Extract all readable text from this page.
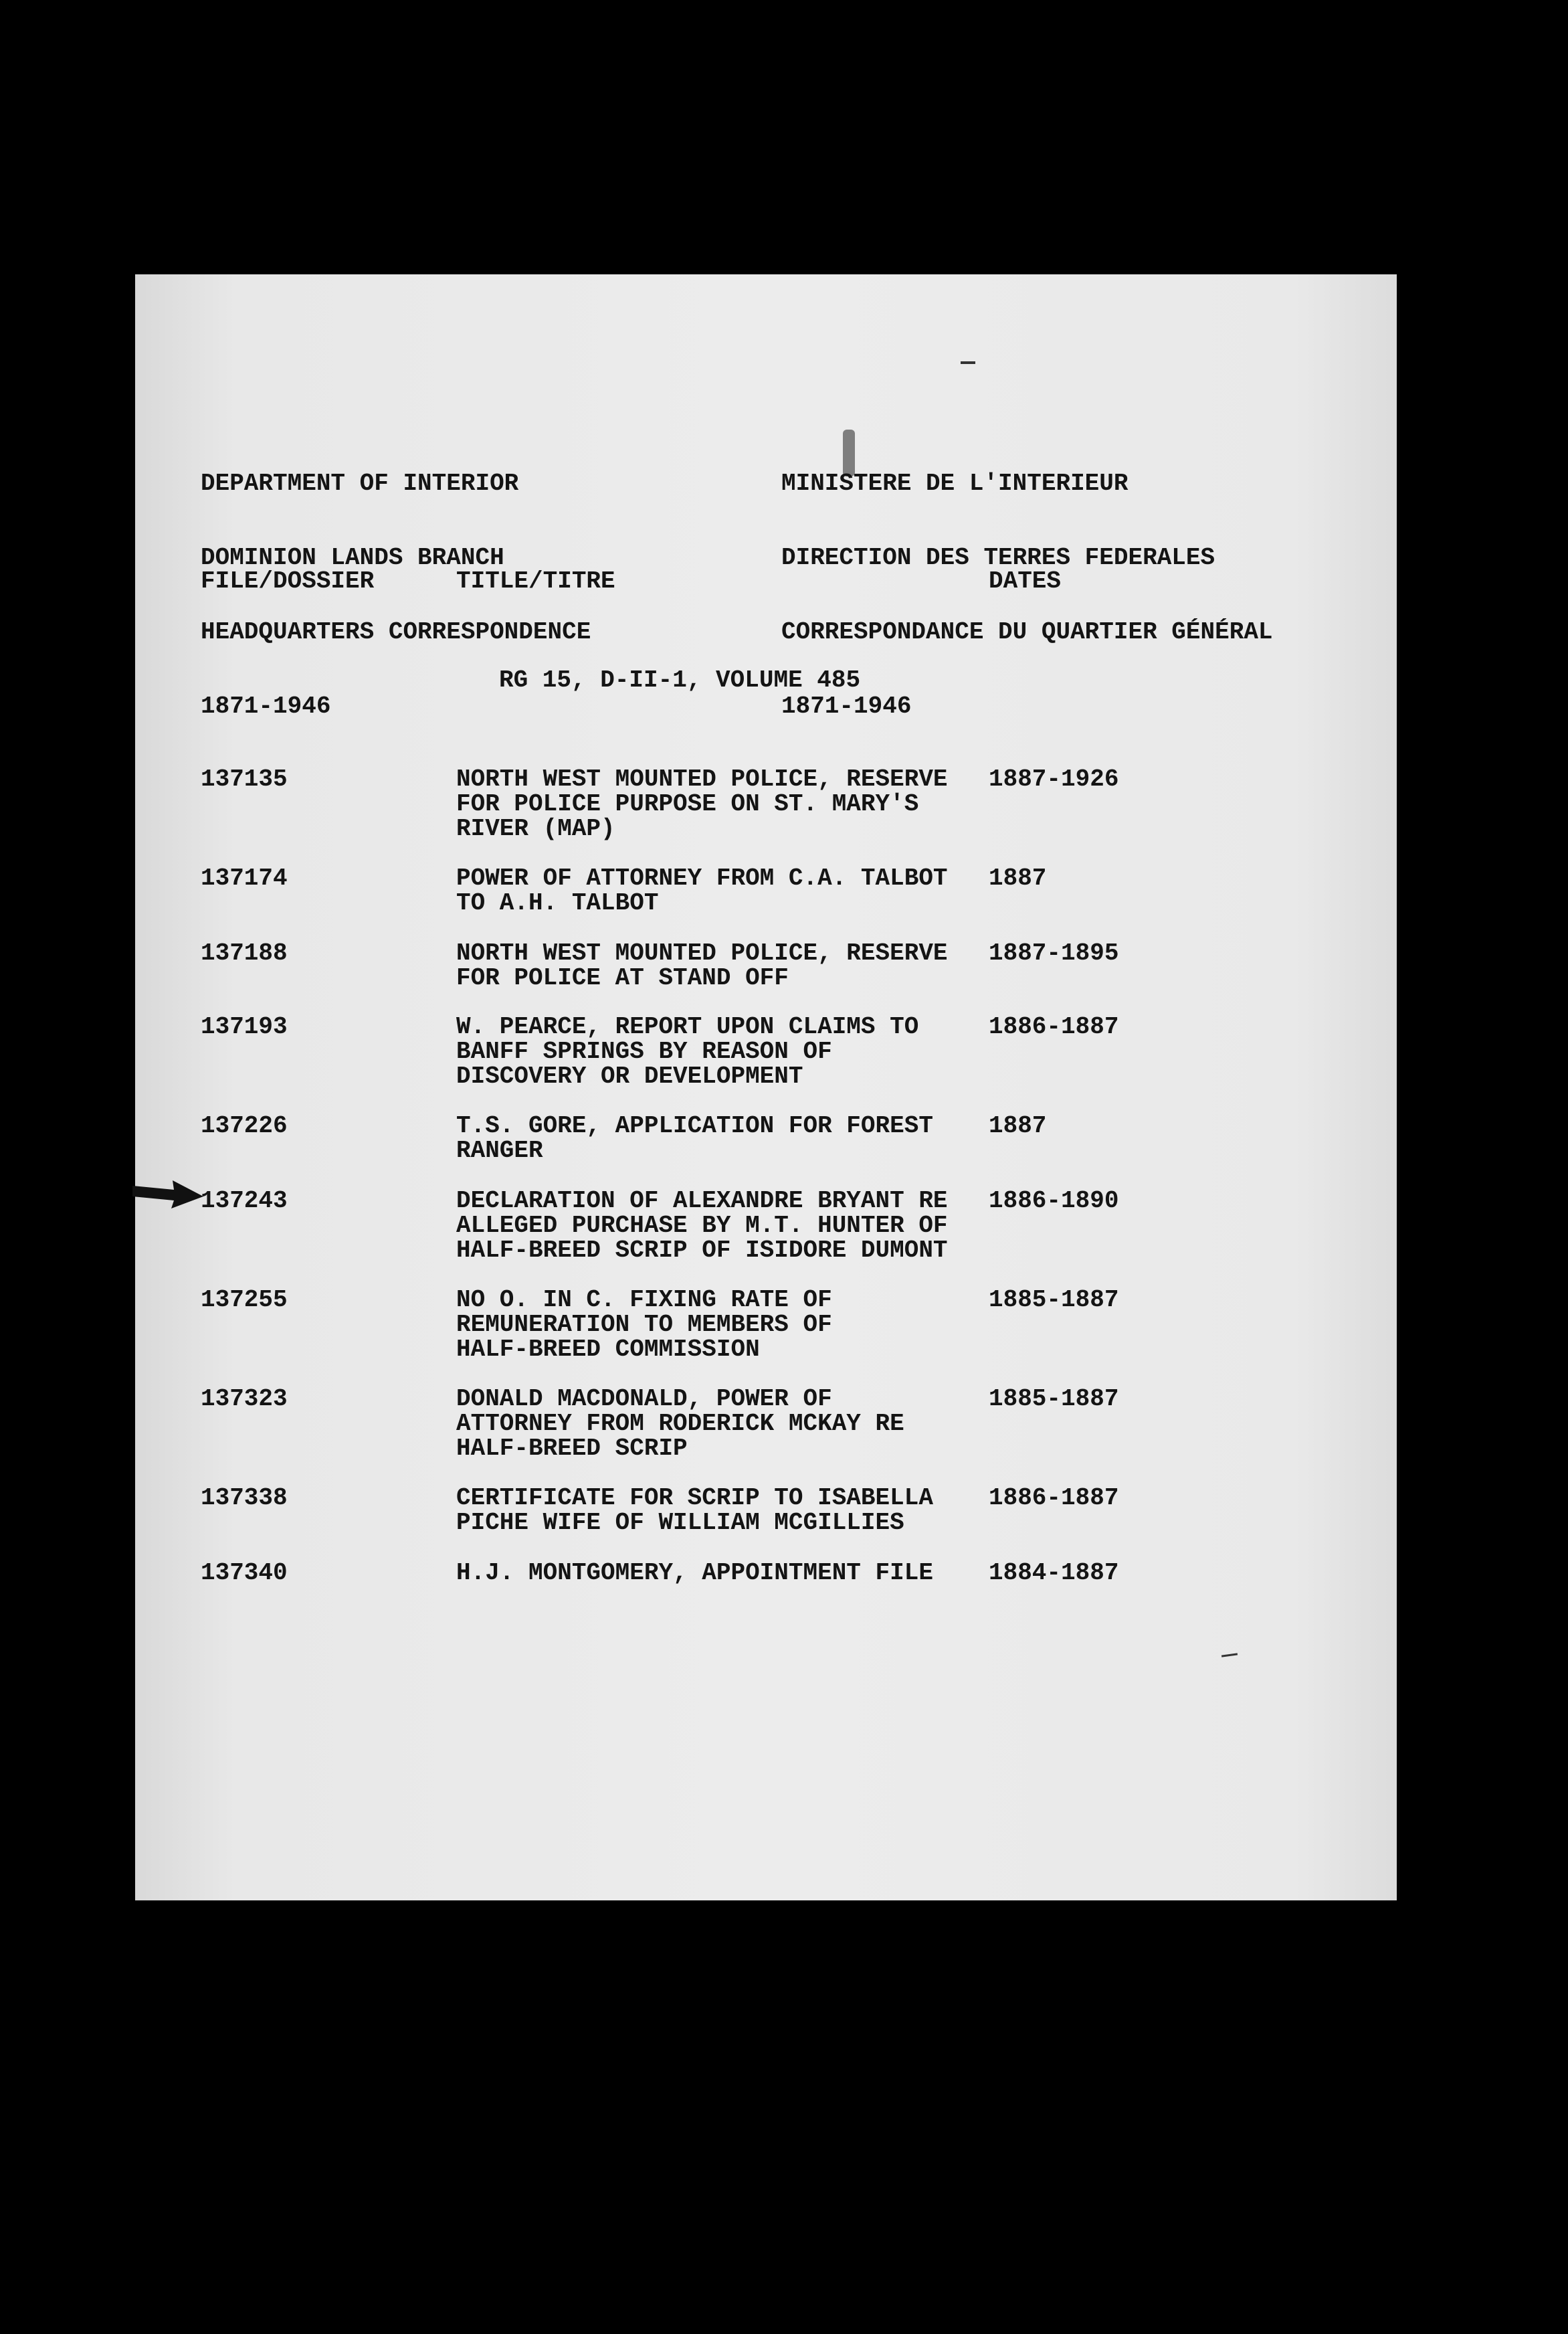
DEPARTMENT OF INTERIOR

DOMINION LANDS BRANCH

HEADQUARTERS CORRESPONDENCE

1871-1946

MINISTERE DE L'INTERIEUR

DIRECTION DES TERRES FEDERALES

CORRESPONDANCE DU QUARTIER GÉNÉRAL

1871-1946

FILE/DOSSIER	TITLE/TITRE	DATES
RG 15, D-II-1, VOLUME 485
137135	NORTH WEST MOUNTED POLICE, RESERVE
FOR POLICE PURPOSE ON ST. MARY'S
RIVER (MAP)
1887-1926
137174	POWER OF ATTORNEY FROM C.A. TALBOT
TO A.H. TALBOT
1887
137188	NORTH WEST MOUNTED POLICE, RESERVE
FOR POLICE AT STAND OFF
1887-1895
137193	W. PEARCE, REPORT UPON CLAIMS TO
BANFF SPRINGS BY REASON OF
DISCOVERY OR DEVELOPMENT
1886-1887
137226	T.S. GORE, APPLICATION FOR FOREST
RANGER
1887
137243	DECLARATION OF ALEXANDRE BRYANT RE
ALLEGED PURCHASE BY M.T. HUNTER OF
HALF-BREED SCRIP OF ISIDORE DUMONT
1886-1890
137255	NO O. IN C. FIXING RATE OF
REMUNERATION TO MEMBERS OF
HALF-BREED COMMISSION
1885-1887
137323	DONALD MACDONALD, POWER OF
ATTORNEY FROM RODERICK MCKAY RE
HALF-BREED SCRIP
1885-1887
137338	CERTIFICATE FOR SCRIP TO ISABELLA
PICHE WIFE OF WILLIAM MCGILLIES
1886-1887
137340	H.J. MONTGOMERY, APPOINTMENT FILE	1884-1887
